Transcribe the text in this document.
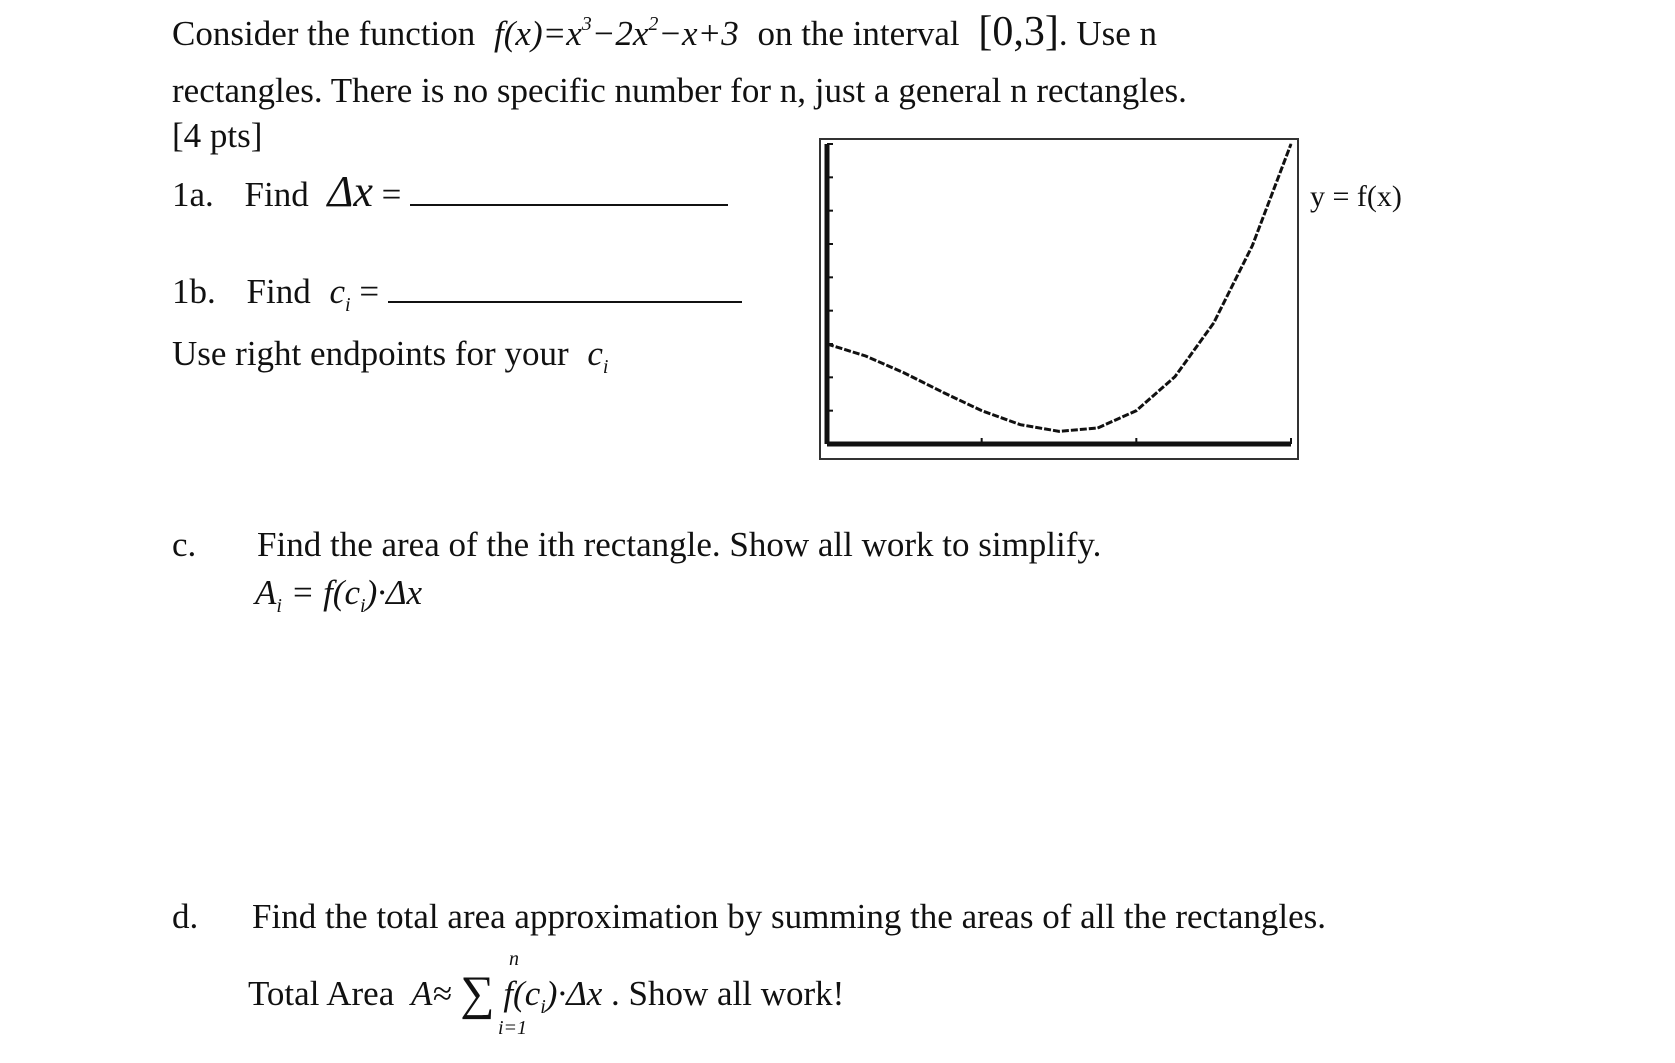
Consider the function $f(x)=x^3-2x^2-x+3$ on the interval [0,3]. Use n
rectangles. There is no specific number for n, just a general n rectangles.
[4 pts]
1a. Find Δx =
1b. Find $c_i$ =
Use right endpoints for your $c_i$
y = f(x)
c. Find the area of the ith rectangle. Show all work to simplify.
$A_i = f(c_i)\cdot\Delta x$
d. Find the total area approximation by summing the areas of all the rectangles.
Total Area A≈ ∑ $f(c_i)\cdot\Delta x$ . Show all work!
n
i=1
